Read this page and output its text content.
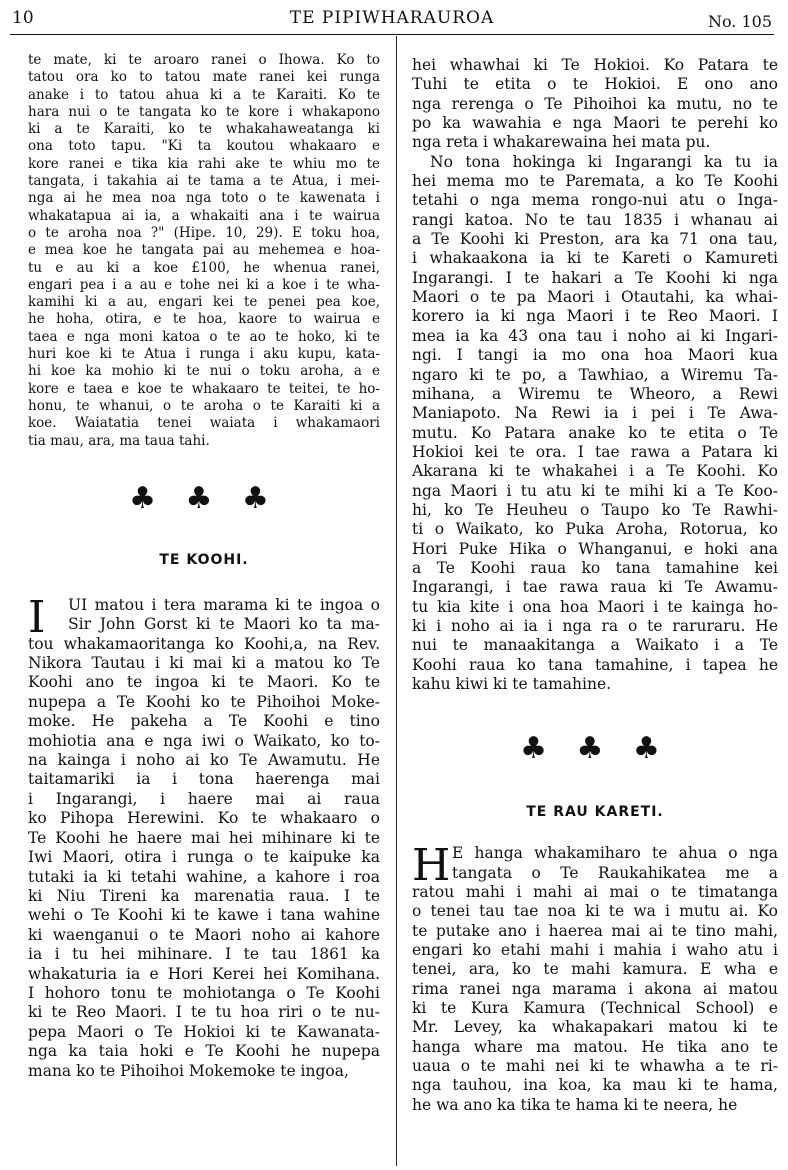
10	TE PIPIWHARAUROA	No. 105
te mate, ki te aroaro ranei o Ihowa. Ko to
tatou ora ko to tatou mate ranei kei runga
anake i to tatou ahua ki a te Karaiti. Ko te
hara nui o te tangata ko te kore i whakapono
ki a te Karaiti, ko te whakahaweatanga ki
ona toto tapu. "Ki ta koutou whakaaro e
kore ranei e tika kia rahi ake te whiu mo te
tangata, i takahia ai te tama a te Atua, i mei-
nga ai he mea noa nga toto o te kawenata i
whakatapua ai ia, a whakaiti ana i te wairua
o te aroha noa ?" (Hipe. 10, 29). E toku hoa,
e mea koe he tangata pai au mehemea e hoa-
tu e au ki a koe £100, he whenua ranei,
engari pea i a au e tohe nei ki a koe i te wha-
kamihi ki a au, engari kei te penei pea koe,
he hoha, otira, e te hoa, kaore to wairua e
taea e nga moni katoa o te ao te hoko, ki te
huri koe ki te Atua i runga i aku kupu, kata-
hi koe ka mohio ki te nui o toku aroha, a e
kore e taea e koe te whakaaro te teitei, te ho-
honu, te whanui, o te aroha o te Karaiti ki a
koe. Waiatatia tenei waiata i whakamaori
tia mau, ara, ma taua tahi.
♣ ♣ ♣
TE KOOHI.
I UI matou i tera marama ki te ingoa o
Sir John Gorst ki te Maori ko ta ma-
tou whakamaoritanga ko Koohi,a, na Rev.
Nikora Tautau i ki mai ki a matou ko Te
Koohi ano te ingoa ki te Maori. Ko te
nupepa a Te Koohi ko te Pihoihoi Moke-
moke. He pakeha a Te Koohi e tino
mohiotia ana e nga iwi o Waikato, ko to-
na kainga i noho ai ko Te Awamutu. He
taitamariki ia i tona haerenga mai
i Ingarangi, i haere mai ai raua
ko Pihopa Herewini. Ko te whakaaro o
Te Koohi he haere mai hei mihinare ki te
Iwi Maori, otira i runga o te kaipuke ka
tutaki ia ki tetahi wahine, a kahore i roa
ki Niu Tireni ka marenatia raua. I te
wehi o Te Koohi ki te kawe i tana wahine
ki waenganui o te Maori noho ai kahore
ia i tu hei mihinare. I te tau 1861 ka
whakaturia ia e Hori Kerei hei Komihana.
I hohoro tonu te mohiotanga o Te Koohi
ki te Reo Maori. I te tu hoa riri o te nu-
pepa Maori o Te Hokioi ki te Kawanata-
nga ka taia hoki e Te Koohi he nupepa
mana ko te Pihoihoi Mokemoke te ingoa,
hei whawhai ki Te Hokioi. Ko Patara te
Tuhi te etita o te Hokioi. E ono ano
nga rerenga o Te Pihoihoi ka mutu, no te
po ka wawahia e nga Maori te perehi ko
nga reta i whakarewaina hei mata pu.
No tona hokinga ki Ingarangi ka tu ia
hei mema mo te Paremata, a ko Te Koohi
tetahi o nga mema rongo-nui atu o Inga-
rangi katoa. No te tau 1835 i whanau ai
a Te Koohi ki Preston, ara ka 71 ona tau,
i whakaakona ia ki te Kareti o Kamureti
Ingarangi. I te hakari a Te Koohi ki nga
Maori o te pa Maori i Otautahi, ka whai-
korero ia ki nga Maori i te Reo Maori. I
mea ia ka 43 ona tau i noho ai ki Ingari-
ngi. I tangi ia mo ona hoa Maori kua
ngaro ki te po, a Tawhiao, a Wiremu Ta-
mihana, a Wiremu te Wheoro, a Rewi
Maniapoto. Na Rewi ia i pei i Te Awa-
mutu. Ko Patara anake ko te etita o Te
Hokioi kei te ora. I tae rawa a Patara ki
Akarana ki te whakahei i a Te Koohi. Ko
nga Maori i tu atu ki te mihi ki a Te Koo-
hi, ko Te Heuheu o Taupo ko Te Rawhi-
ti o Waikato, ko Puka Aroha, Rotorua, ko
Hori Puke Hika o Whanganui, e hoki ana
a Te Koohi raua ko tana tamahine kei
Ingarangi, i tae rawa raua ki Te Awamu-
tu kia kite i ona hoa Maori i te kainga ho-
ki i noho ai ia i nga ra o te raruraru. He
nui te manaakitanga a Waikato i a Te
Koohi raua ko tana tamahine, i tapea he
kahu kiwi ki te tamahine.
♣ ♣ ♣
TE RAU KARETI.
H E hanga whakamiharo te ahua o nga
tangata o Te Raukahikatea me a
ratou mahi i mahi ai mai o te timatanga
o tenei tau tae noa ki te wa i mutu ai. Ko
te putake ano i haerea mai ai te tino mahi,
engari ko etahi mahi i mahia i waho atu i
tenei, ara, ko te mahi kamura. E wha e
rima ranei nga marama i akona ai matou
ki te Kura Kamura (Technical School) e
Mr. Levey, ka whakapakari matou ki te
hanga whare ma matou. He tika ano te
uaua o te mahi nei ki te whawha a te ri-
nga tauhou, ina koa, ka mau ki te hama,
he wa ano ka tika te hama ki te neera, he
